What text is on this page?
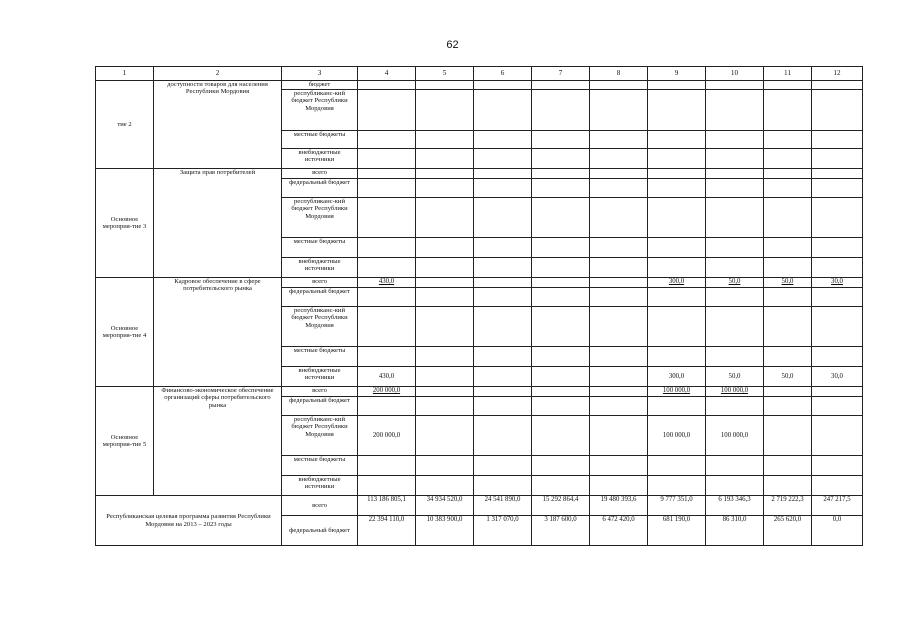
62
1	2	3	4	5	6	7	8	9	10	11	12
тие 2	доступности товаров для населения Республики Мордовия	бюджет									
		республиканс-кий бюджет Республики Мордовия									
		местные бюджеты									
		внебюджетные источники									
Основное мероприя-тие 3	Защита прав потребителей	всего									
		федеральный бюджет									
		республиканс-кий бюджет Республики Мордовия									
		местные бюджеты									
		внебюджетные источники									
Основное мероприя-тие 4	Кадровое обеспечение в сфере потребительского рынка	всего	430,0					300,0	50,0	50,0	30,0
		федеральный бюджет									
		республиканс-кий бюджет Республики Мордовия									
		местные бюджеты									
		внебюджетные источники	430,0					300,0	50,0	50,0	30,0
Основное мероприя-тие 5	Финансово-экономическое обеспечение организаций сферы потребительского рынка	всего	200 000,0					100 000,0	100 000,0		
		федеральный бюджет									
		республиканс-кий бюджет Республики Мордовия	200 000,0					100 000,0	100 000,0		
		местные бюджеты									
		внебюджетные источники									
Республиканская целевая программа развития Республики Мордовия на 2013 – 2023 годы		всего	113 186 805,1	34 934 520,0	24 541 890,0	15 292 864,4	19 480 393,6	9 777 351,0	6 193 346,3	2 719 222,3	247 217,5
		федеральный бюджет	22 394 110,0	10 383 900,0	1 317 070,0	3 187 600,0	6 472 420,0	681 190,0	86 310,0	265 620,0	0,0
